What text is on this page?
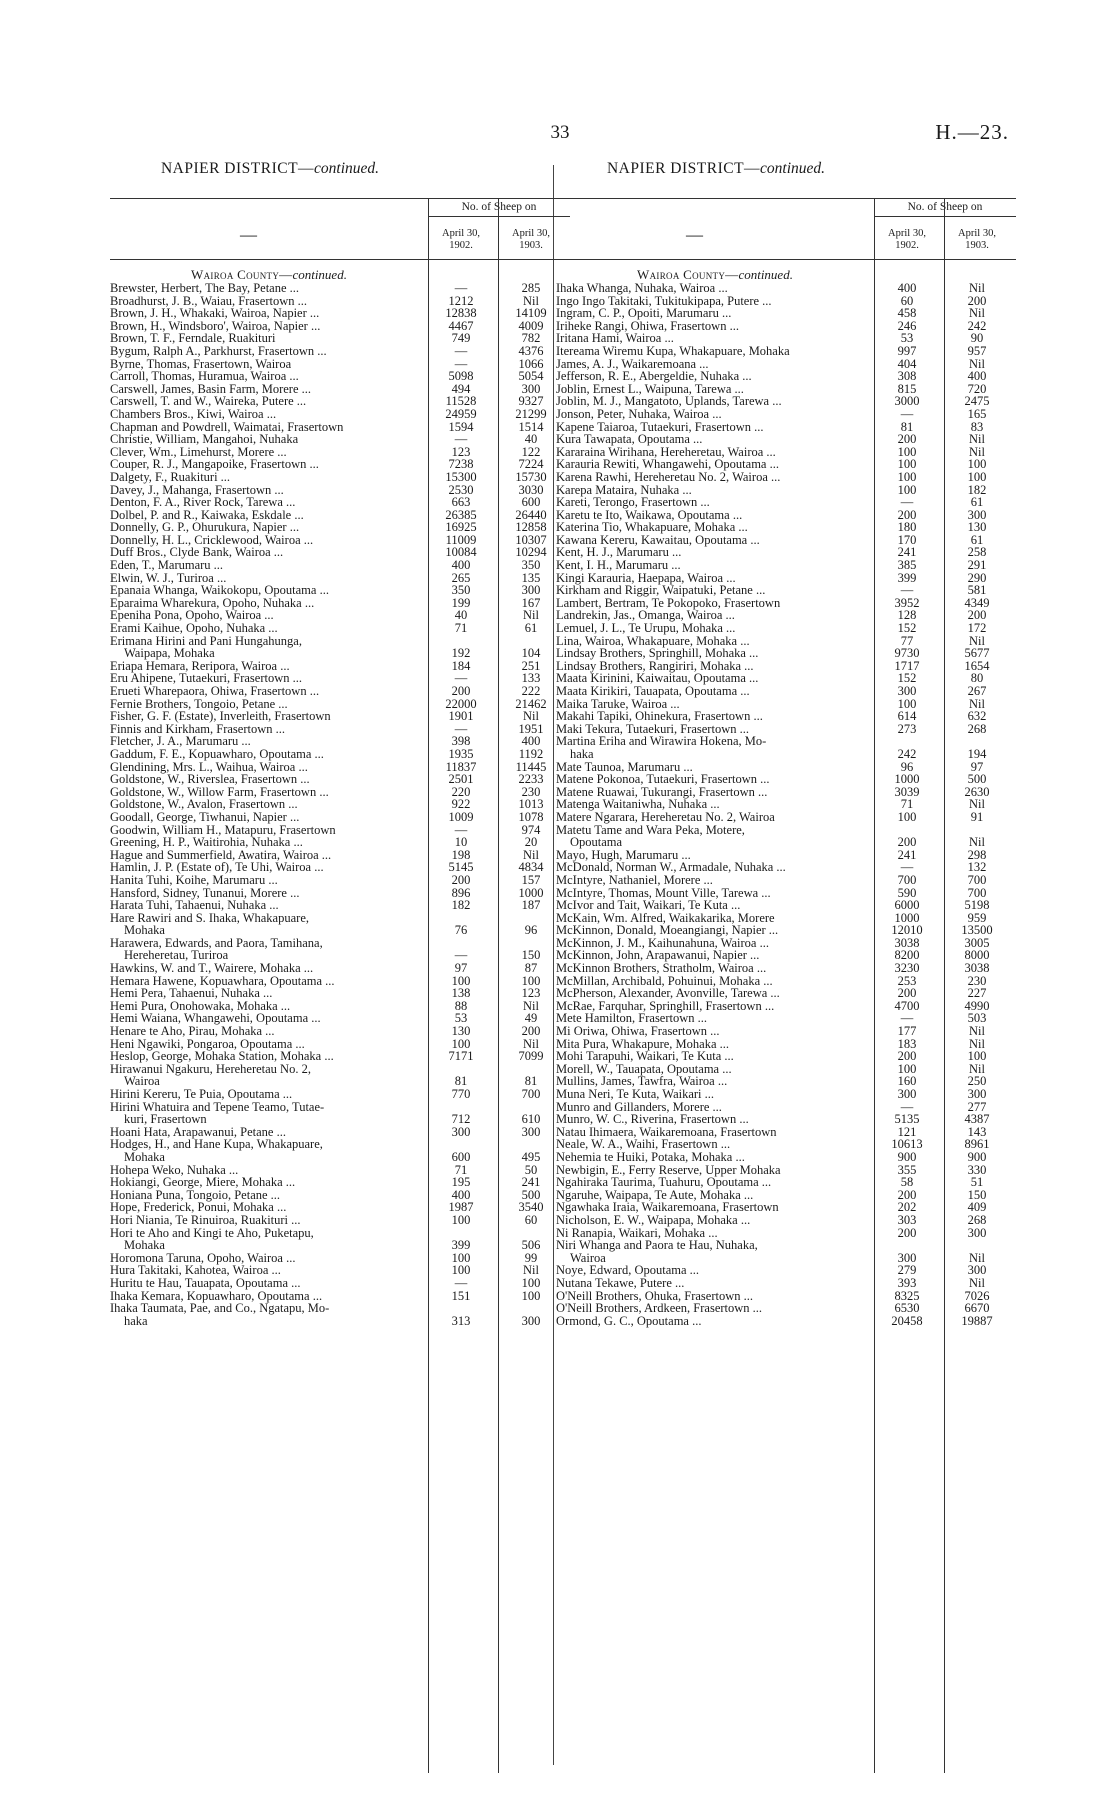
33	H.—23.
NAPIER DISTRICT—continued.
—
No. of Sheep on
April 30,
1902.
April 30,
1903.
Wairoa County—continued.
Brewster, Herbert, The Bay, Petane ...	—	285
Broadhurst, J. B., Waiau, Frasertown ...	1212	Nil
Brown, J. H., Whakaki, Wairoa, Napier ...	12838	14109
Brown, H., Windsboro', Wairoa, Napier ...	4467	4009
Brown, T. F., Ferndale, Ruakituri	749	782
Bygum, Ralph A., Parkhurst, Frasertown ...	—	4376
Byrne, Thomas, Frasertown, Wairoa	—	1066
Carroll, Thomas, Huramua, Wairoa ...	5098	5054
Carswell, James, Basin Farm, Morere ...	494	300
Carswell, T. and W., Waireka, Putere ...	11528	9327
Chambers Bros., Kiwi, Wairoa ...	24959	21299
Chapman and Powdrell, Waimatai, Frasertown	1594	1514
Christie, William, Mangahoi, Nuhaka	—	40
Clever, Wm., Limehurst, Morere ...	123	122
Couper, R. J., Mangapoike, Frasertown ...	7238	7224
Dalgety, F., Ruakituri ...	15300	15730
Davey, J., Mahanga, Frasertown ...	2530	3030
Denton, F. A., River Rock, Tarewa ...	663	600
Dolbel, P. and R., Kaiwaka, Eskdale ...	26385	26440
Donnelly, G. P., Ohurukura, Napier ...	16925	12858
Donnelly, H. L., Cricklewood, Wairoa ...	11009	10307
Duff Bros., Clyde Bank, Wairoa ...	10084	10294
Eden, T., Marumaru ...	400	350
Elwin, W. J., Turiroa ...	265	135
Epanaia Whanga, Waikokopu, Opoutama ...	350	300
Eparaima Wharekura, Opoho, Nuhaka ...	199	167
Epeniha Pona, Opoho, Wairoa ...	40	Nil
Erami Kaihue, Opoho, Nuhaka ...	71	61
Erimana Hirini and Pani Hungahunga,
Waipapa, Mohaka	192	104
Eriapa Hemara, Reripora, Wairoa ...	184	251
Eru Ahipene, Tutaekuri, Frasertown ...	—	133
Erueti Wharepaora, Ohiwa, Frasertown ...	200	222
Fernie Brothers, Tongoio, Petane ...	22000	21462
Fisher, G. F. (Estate), Inverleith, Frasertown	1901	Nil
Finnis and Kirkham, Frasertown ...	—	1951
Fletcher, J. A., Marumaru ...	398	400
Gaddum, F. E., Kopuawharo, Opoutama ...	1935	1192
Glendining, Mrs. L., Waihua, Wairoa ...	11837	11445
Goldstone, W., Riverslea, Frasertown ...	2501	2233
Goldstone, W., Willow Farm, Frasertown ...	220	230
Goldstone, W., Avalon, Frasertown ...	922	1013
Goodall, George, Tiwhanui, Napier ...	1009	1078
Goodwin, William H., Matapuru, Frasertown	—	974
Greening, H. P., Waitirohia, Nuhaka ...	10	20
Hague and Summerfield, Awatira, Wairoa ...	198	Nil
Hamlin, J. P. (Estate of), Te Uhi, Wairoa ...	5145	4834
Hanita Tuhi, Koihe, Marumaru ...	200	157
Hansford, Sidney, Tunanui, Morere ...	896	1000
Harata Tuhi, Tahaenui, Nuhaka ...	182	187
Hare Rawiri and S. Ihaka, Whakapuare,
Mohaka	76	96
Harawera, Edwards, and Paora, Tamihana,
Hereheretau, Turiroa	—	150
Hawkins, W. and T., Wairere, Mohaka ...	97	87
Hemara Hawene, Kopuawhara, Opoutama ...	100	100
Hemi Pera, Tahaenui, Nuhaka ...	138	123
Hemi Pura, Onohowaka, Mohaka ...	88	Nil
Hemi Waiana, Whangawehi, Opoutama ...	53	49
Henare te Aho, Pirau, Mohaka ...	130	200
Heni Ngawiki, Pongaroa, Opoutama ...	100	Nil
Heslop, George, Mohaka Station, Mohaka ...	7171	7099
Hirawanui Ngakuru, Hereheretau No. 2,
Wairoa	81	81
Hirini Kereru, Te Puia, Opoutama ...	770	700
Hirini Whatuira and Tepene Teamo, Tutae-
kuri, Frasertown	712	610
Hoani Hata, Arapawanui, Petane ...	300	300
Hodges, H., and Hane Kupa, Whakapuare,
Mohaka	600	495
Hohepa Weko, Nuhaka ...	71	50
Hokiangi, George, Miere, Mohaka ...	195	241
Honiana Puna, Tongoio, Petane ...	400	500
Hope, Frederick, Ponui, Mohaka ...	1987	3540
Hori Niania, Te Rinuiroa, Ruakituri ...	100	60
Hori te Aho and Kingi te Aho, Puketapu,
Mohaka	399	506
Horomona Taruna, Opoho, Wairoa ...	100	99
Hura Takitaki, Kahotea, Wairoa ...	100	Nil
Huritu te Hau, Tauapata, Opoutama ...	—	100
Ihaka Kemara, Kopuawharo, Opoutama ...	151	100
Ihaka Taumata, Pae, and Co., Ngatapu, Mo-
haka	313	300
NAPIER DISTRICT—continued.
—
No. of Sheep on
April 30,
1902.
April 30,
1903.
Wairoa County—continued.
Ihaka Whanga, Nuhaka, Wairoa ...	400	Nil
Ingo Ingo Takitaki, Tukitukipapa, Putere ...	60	200
Ingram, C. P., Opoiti, Marumaru ...	458	Nil
Iriheke Rangi, Ohiwa, Frasertown ...	246	242
Iritana Hami, Wairoa ...	53	90
Itereama Wiremu Kupa, Whakapuare, Mohaka	997	957
James, A. J., Waikaremoana ...	404	Nil
Jefferson, R. E., Abergeldie, Nuhaka ...	308	400
Joblin, Ernest L., Waipuna, Tarewa ...	815	720
Joblin, M. J., Mangatoto, Uplands, Tarewa ...	3000	2475
Jonson, Peter, Nuhaka, Wairoa ...	—	165
Kapene Taiaroa, Tutaekuri, Frasertown ...	81	83
Kura Tawapata, Opoutama ...	200	Nil
Kararaina Wirihana, Hereheretau, Wairoa ...	100	Nil
Karauria Rewiti, Whangawehi, Opoutama ...	100	100
Karena Rawhi, Hereheretau No. 2, Wairoa ...	100	100
Karepa Mataira, Nuhaka ...	100	182
Kareti, Terongo, Frasertown ...	—	61
Karetu te Ito, Waikawa, Opoutama ...	200	300
Katerina Tio, Whakapuare, Mohaka ...	180	130
Kawana Kereru, Kawaitau, Opoutama ...	170	61
Kent, H. J., Marumaru ...	241	258
Kent, I. H., Marumaru ...	385	291
Kingi Karauria, Haepapa, Wairoa ...	399	290
Kirkham and Riggir, Waipatuki, Petane ...	—	581
Lambert, Bertram, Te Pokopoko, Frasertown	3952	4349
Landrekin, Jas., Omanga, Wairoa ...	128	200
Lemuel, J. L., Te Urupu, Mohaka ...	152	172
Lina, Wairoa, Whakapuare, Mohaka ...	77	Nil
Lindsay Brothers, Springhill, Mohaka ...	9730	5677
Lindsay Brothers, Rangiriri, Mohaka ...	1717	1654
Maata Kirinini, Kaiwaitau, Opoutama ...	152	80
Maata Kirikiri, Tauapata, Opoutama ...	300	267
Maika Taruke, Wairoa ...	100	Nil
Makahi Tapiki, Ohinekura, Frasertown ...	614	632
Maki Tekura, Tutaekuri, Frasertown ...	273	268
Martina Eriha and Wirawira Hokena, Mo-
haka	242	194
Mate Taunoa, Marumaru ...	96	97
Matene Pokonoa, Tutaekuri, Frasertown ...	1000	500
Matene Ruawai, Tukurangi, Frasertown ...	3039	2630
Matenga Waitaniwha, Nuhaka ...	71	Nil
Matere Ngarara, Hereheretau No. 2, Wairoa	100	91
Matetu Tame and Wara Peka, Motere,
Opoutama	200	Nil
Mayo, Hugh, Marumaru ...	241	298
McDonald, Norman W., Armadale, Nuhaka ...	—	132
McIntyre, Nathaniel, Morere ...	700	700
McIntyre, Thomas, Mount Ville, Tarewa ...	590	700
McIvor and Tait, Waikari, Te Kuta ...	6000	5198
McKain, Wm. Alfred, Waikakarika, Morere	1000	959
McKinnon, Donald, Moeangiangi, Napier ...	12010	13500
McKinnon, J. M., Kaihunahuna, Wairoa ...	3038	3005
McKinnon, John, Arapawanui, Napier ...	8200	8000
McKinnon Brothers, Stratholm, Wairoa ...	3230	3038
McMillan, Archibald, Pohuinui, Mohaka ...	253	230
McPherson, Alexander, Avonville, Tarewa ...	200	227
McRae, Farquhar, Springhill, Frasertown ...	4700	4990
Mete Hamilton, Frasertown ...	—	503
Mi Oriwa, Ohiwa, Frasertown ...	177	Nil
Mita Pura, Whakapure, Mohaka ...	183	Nil
Mohi Tarapuhi, Waikari, Te Kuta ...	200	100
Morell, W., Tauapata, Opoutama ...	100	Nil
Mullins, James, Tawfra, Wairoa ...	160	250
Muna Neri, Te Kuta, Waikari ...	300	300
Munro and Gillanders, Morere ...	—	277
Munro, W. C., Riverina, Frasertown ...	5135	4387
Natau Ihimaera, Waikaremoana, Frasertown	121	143
Neale, W. A., Waihi, Frasertown ...	10613	8961
Nehemia te Huiki, Potaka, Mohaka ...	900	900
Newbigin, E., Ferry Reserve, Upper Mohaka	355	330
Ngahiraka Taurima, Tuahuru, Opoutama ...	58	51
Ngaruhe, Waipapa, Te Aute, Mohaka ...	200	150
Ngawhaka Iraia, Waikaremoana, Frasertown	202	409
Nicholson, E. W., Waipapa, Mohaka ...	303	268
Ni Ranapia, Waikari, Mohaka ...	200	300
Niri Whanga and Paora te Hau, Nuhaka,
Wairoa	300	Nil
Noye, Edward, Opoutama ...	279	300
Nutana Tekawe, Putere ...	393	Nil
O'Neill Brothers, Ohuka, Frasertown ...	8325	7026
O'Neill Brothers, Ardkeen, Frasertown ...	6530	6670
Ormond, G. C., Opoutama ...	20458	19887
